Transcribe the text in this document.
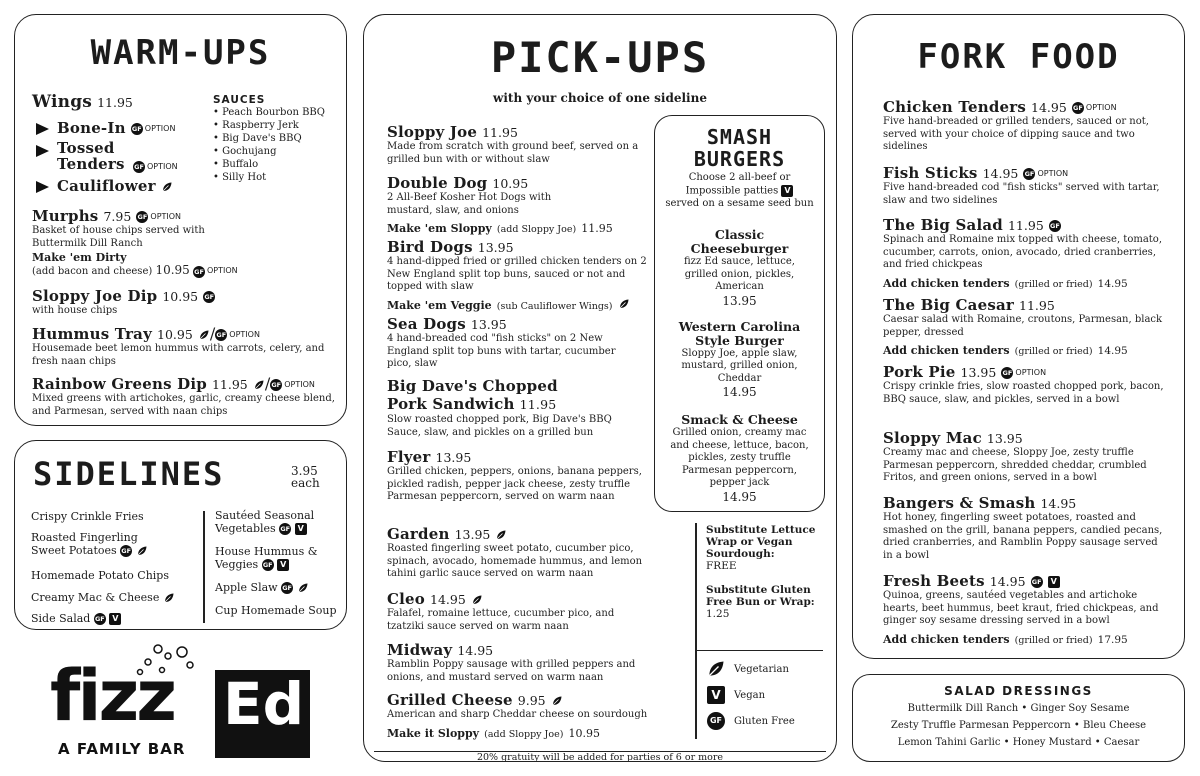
WARM-UPS
Wings 11.95
Bone-In GF OPTION
Tossed Tenders GF OPTION
Cauliflower
SAUCES
• Peach Bourbon BBQ
• Raspberry Jerk
• Big Dave's BBQ
• Gochujang
• Buffalo
• Silly Hot
Murphs 7.95 GF OPTION
Basket of house chips served with Buttermilk Dill Ranch
Make 'em Dirty
(add bacon and cheese) 10.95 GF OPTION
Sloppy Joe Dip 10.95 GF
with house chips
Hummus Tray 10.95 /GF OPTION
Housemade beet lemon hummus with carrots, celery, and fresh naan chips
Rainbow Greens Dip 11.95 /GF OPTION
Mixed greens with artichokes, garlic, creamy cheese blend, and Parmesan, served with naan chips
SIDELINES	3.95
each
Crispy Crinkle Fries
Roasted Fingerling Sweet Potatoes GF
Homemade Potato Chips
Creamy Mac & Cheese
Side Salad GF V
Sautéed Seasonal Vegetables GF V
House Hummus & Veggies GF V
Apple Slaw GF
Cup Homemade Soup
fizz Ed
A FAMILY BAR
PICK-UPS
with your choice of one sideline
20% gratuity will be added for parties of 6 or more
Sloppy Joe 11.95
Made from scratch with ground beef, served on a grilled bun with or without slaw
Double Dog 10.95
2 All-Beef Kosher Hot Dogs with mustard, slaw, and onions
Make 'em Sloppy (add Sloppy Joe) 11.95
Bird Dogs 13.95
4 hand-dipped fried or grilled chicken tenders on 2 New England split top buns, sauced or not and topped with slaw
Make 'em Veggie (sub Cauliflower Wings)
Sea Dogs 13.95
4 hand-breaded cod "fish sticks" on 2 New England split top buns with tartar, cucumber pico, slaw
Big Dave's Chopped Pork Sandwich 11.95
Slow roasted chopped pork, Big Dave's BBQ Sauce, slaw, and pickles on a grilled bun
Flyer 13.95
Grilled chicken, peppers, onions, banana peppers, pickled radish, pepper jack cheese, zesty truffle Parmesan peppercorn, served on warm naan
Garden 13.95
Roasted fingerling sweet potato, cucumber pico, spinach, avocado, homemade hummus, and lemon tahini garlic sauce served on warm naan
Cleo 14.95
Falafel, romaine lettuce, cucumber pico, and tzatziki sauce served on warm naan
Midway 14.95
Ramblin Poppy sausage with grilled peppers and onions, and mustard served on warm naan
Grilled Cheese 9.95
American and sharp Cheddar cheese on sourdough
Make it Sloppy (add Sloppy Joe) 10.95
SMASH
BURGERS
Choose 2 all-beef or Impossible patties V
served on a sesame seed bun
Classic Cheeseburger
fizz Ed sauce, lettuce, grilled onion, pickles, American
13.95
Western Carolina Style Burger
Sloppy Joe, apple slaw, mustard, grilled onion, Cheddar
14.95
Smack & Cheese
Grilled onion, creamy mac and cheese, lettuce, bacon, pickles, zesty truffle Parmesan peppercorn, pepper jack
14.95
Substitute Lettuce Wrap or Vegan Sourdough:
FREE
Substitute Gluten Free Bun or Wrap:
1.25
Vegetarian
V	Vegan
GF Gluten Free
FORK FOOD
Chicken Tenders 14.95 GF OPTION
Five hand-breaded or grilled tenders, sauced or not, served with your choice of dipping sauce and two sidelines
Fish Sticks 14.95 GF OPTION
Five hand-breaded cod "fish sticks" served with tartar, slaw and two sidelines
The Big Salad 11.95 GF
Spinach and Romaine mix topped with cheese, tomato, cucumber, carrots, onion, avocado, dried cranberries, and fried chickpeas
Add chicken tenders (grilled or fried) 14.95
The Big Caesar 11.95
Caesar salad with Romaine, croutons, Parmesan, black pepper, dressed
Add chicken tenders (grilled or fried) 14.95
Pork Pie 13.95 GF OPTION
Crispy crinkle fries, slow roasted chopped pork, bacon, BBQ sauce, slaw, and pickles, served in a bowl
Sloppy Mac 13.95
Creamy mac and cheese, Sloppy Joe, zesty truffle Parmesan peppercorn, shredded cheddar, crumbled Fritos, and green onions, served in a bowl
Bangers & Smash 14.95
Hot honey, fingerling sweet potatoes, roasted and smashed on the grill, banana peppers, candied pecans, dried cranberries, and Ramblin Poppy sausage served in a bowl
Fresh Beets 14.95 GF V
Quinoa, greens, sautéed vegetables and artichoke hearts, beet hummus, beet kraut, fried chickpeas, and ginger soy sesame dressing served in a bowl
Add chicken tenders (grilled or fried) 17.95
SALAD DRESSINGS

Buttermilk Dill Ranch • Ginger Soy Sesame

Zesty Truffle Parmesan Peppercorn • Bleu Cheese

Lemon Tahini Garlic • Honey Mustard • Caesar
